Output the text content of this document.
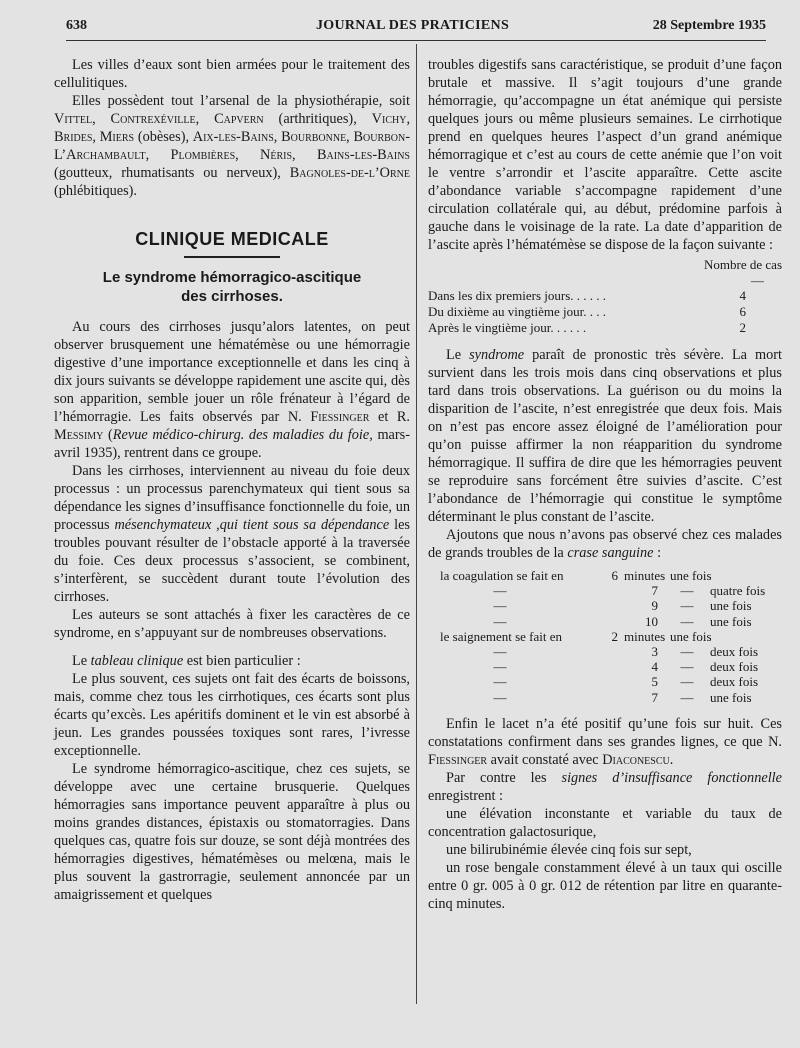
638	JOURNAL DES PRATICIENS	28 Septembre 1935

Les villes d’eaux sont bien armées pour le traitement des cellulitiques.

Elles possèdent tout l’arsenal de la physiothérapie, soit Vittel, Contrexéville, Capvern (arthritiques), Vichy, Brides, Miers (obèses), Aix-les-Bains, Bourbonne, Bourbon-L’Archambault, Plombières, Néris, Bains-les-Bains (goutteux, rhumatisants ou nerveux), Bagnoles-de-l’Orne (phlébitiques).

CLINIQUE MEDICALE
Le syndrome hémorragico-ascitique
des cirrhoses.

Au cours des cirrhoses jusqu’alors latentes, on peut observer brusquement une hématémèse ou une hémorragie digestive d’une importance exceptionnelle et dans les cinq à dix jours suivants se développe rapidement une ascite qui, dès son apparition, semble jouer un rôle frénateur à l’égard de l’hémorragie. Les faits observés par N. Fiessinger et R. Messimy (Revue médico-chirurg. des maladies du foie, mars-avril 1935), rentrent dans ce groupe.

Dans les cirrhoses, interviennent au niveau du foie deux processus : un processus parenchymateux qui tient sous sa dépendance les signes d’insuffisance fonctionnelle du foie, un processus mésenchymateux ,qui tient sous sa dépendance les troubles pouvant résulter de l’obstacle apporté à la traversée du foie. Ces deux processus s’associent, se combinent, s’interfèrent, se succèdent durant toute l’évolution des cirrhoses.

Les auteurs se sont attachés à fixer les caractères de ce syndrome, en s’appuyant sur de nombreuses observations.

Le tableau clinique est bien particulier :

Le plus souvent, ces sujets ont fait des écarts de boissons, mais, comme chez tous les cirrhotiques, ces écarts sont plus écarts qu’excès. Les apéritifs dominent et le vin est absorbé à jeun. Les grandes poussées toxiques sont rares, l’ivresse exceptionnelle.

Le syndrome hémorragico-ascitique, chez ces sujets, se développe avec une certaine brusquerie. Quelques hémorragies sans importance peuvent apparaître à plus ou moins grandes distances, épistaxis ou stomatorragies. Dans quelques cas, quatre fois sur douze, se sont déjà montrées des hémorragies digestives, hématémèses ou melœna, mais le plus souvent la gastrorragie, seulement annoncée par un amaigrissement et quelques

troubles digestifs sans caractéristique, se produit d’une façon brutale et massive. Il s’agit toujours d’une grande hémorragie, qu’accompagne un état anémique qui persiste quelques jours ou même plusieurs semaines. Le cirrhotique prend en quelques heures l’aspect d’un grand anémique hémorragique et c’est au cours de cette anémie que l’on voit le ventre s’arrondir et l’ascite apparaître. Cette ascite d’abondance variable s’accompagne rapidement d’une circulation collatérale qui, au début, prédomine parfois à gauche dans le voisinage de la rate. La date d’apparition de l’ascite après l’hématémèse se dispose de la façon suivante :

Nombre de cas
—
Dans les dix premiers jours. . . . . .	4
Du dixième au vingtième jour. . . .	6
Après le vingtième jour. . . . . .	2

Le syndrome paraît de pronostic très sévère. La mort survient dans les trois mois dans cinq observations et plus tard dans trois observations. La guérison ou du moins la disparition de l’ascite, n’est enregistrée que deux fois. Mais on n’est pas encore assez éloigné de l’amélioration pour qu’on puisse affirmer la non réapparition du syndrome hémorragique. Il suffira de dire que les hémorragies peuvent se reproduire sans forcément être suivies d’ascite. C’est l’abondance de l’hémorragie qui constitue le symptôme déterminant le plus constant de l’ascite.

Ajoutons que nous n’avons pas observé chez ces malades de grands troubles de la crase sanguine :

la coagulation se fait en	6 minutes une fois
—	7	—	quatre fois
—	9	—	une fois
—	10	—	une fois
le saignement se fait en	2 minutes une fois
—	3	—	deux fois
—	4	—	deux fois
—	5	—	deux fois
—	7	—	une fois

Enfin le lacet n’a été positif qu’une fois sur huit. Ces constatations confirment dans ses grandes lignes, ce que N. Fiessinger avait constaté avec Diaconescu.

Par contre les signes d’insuffisance fonctionnelle enregistrent :

une élévation inconstante et variable du taux de concentration galactosurique,

une bilirubinémie élevée cinq fois sur sept,

un rose bengale constamment élevé à un taux qui oscille entre 0 gr. 005 à 0 gr. 012 de rétention par litre en quarante-cinq minutes.
